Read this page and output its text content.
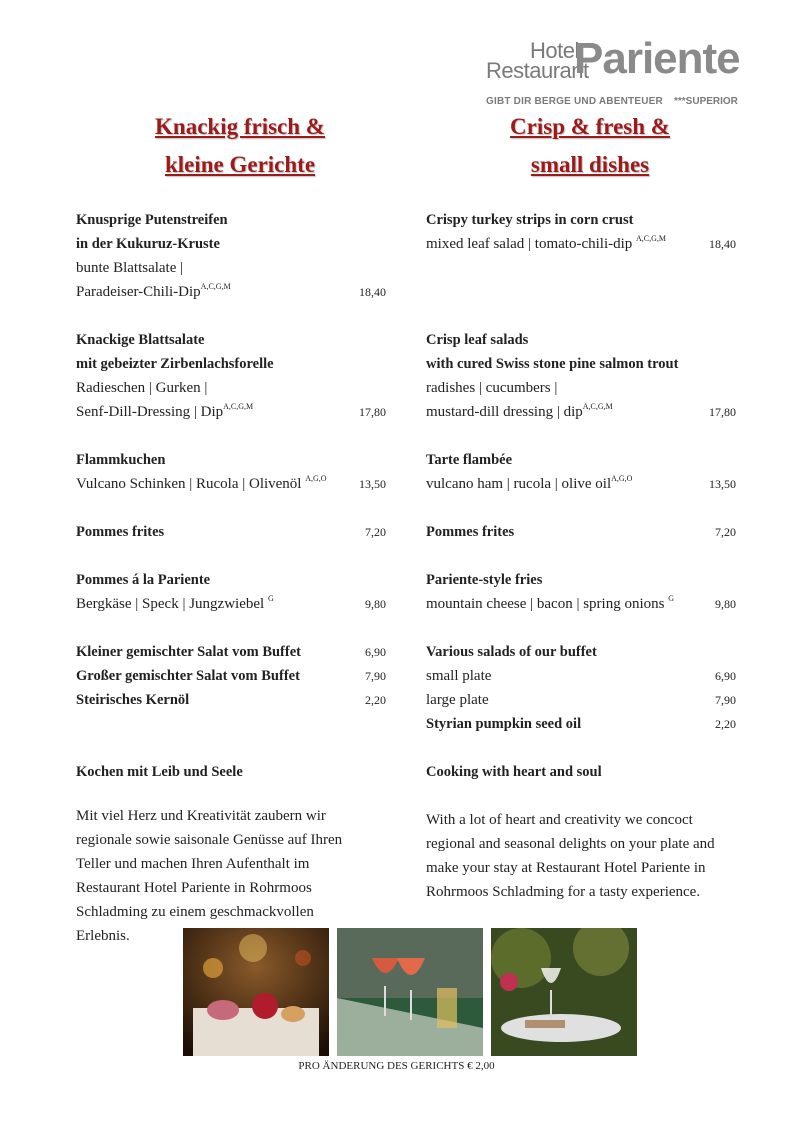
Hotel
Restaurant
Pariente
GIBT DIR BERGE UND ABENTEUER ***SUPERIOR
Knackig frisch &
kleine Gerichte
Crisp & fresh &
small dishes
Knusprige Putenstreifen
in der Kukuruz-Kruste
bunte Blattsalate |
Paradeiser-Chili-Dip$^{A,C,G,M}$	18,40
Knackige Blattsalate
mit gebeizter Zirbenlachsforelle
Radieschen | Gurken |
Senf-Dill-Dressing | Dip$^{A,C,G,M}$	17,80
Flammkuchen
Vulcano Schinken | Rucola | Olivenöl $^{A,G,O}$	13,50
Pommes frites	7,20
Pommes á la Pariente
Bergkäse | Speck | Jungzwiebel $^G$	9,80
Kleiner gemischter Salat vom Buffet	6,90
Großer gemischter Salat vom Buffet	7,90
Steirisches Kernöl	2,20
Kochen mit Leib und Seele
Mit viel Herz und Kreativität zaubern wir
regionale sowie saisonale Genüsse auf Ihren
Teller und machen Ihren Aufenthalt im
Restaurant Hotel Pariente in Rohrmoos
Schladming zu einem geschmackvollen
Erlebnis.
Crispy turkey strips in corn crust
mixed leaf salad | tomato-chili-dip $^{A,C,G,M}$	18,40
Crisp leaf salads
with cured Swiss stone pine salmon trout
radishes | cucumbers |
mustard-dill dressing | dip$^{A,C,G,M}$	17,80
Tarte flambée
vulcano ham | rucola | olive oil$^{A,G,O}$	13,50
Pommes frites	7,20
Pariente-style fries
mountain cheese | bacon | spring onions $^G$	9,80
Various salads of our buffet
small plate	6,90
large plate	7,90
Styrian pumpkin seed oil	2,20
Cooking with heart and soul
With a lot of heart and creativity we concoct
regional and seasonal delights on your plate and
make your stay at Restaurant Hotel Pariente in
Rohrmoos Schladming for a tasty experience.
PRO ÄNDERUNG DES GERICHTS € 2,00
